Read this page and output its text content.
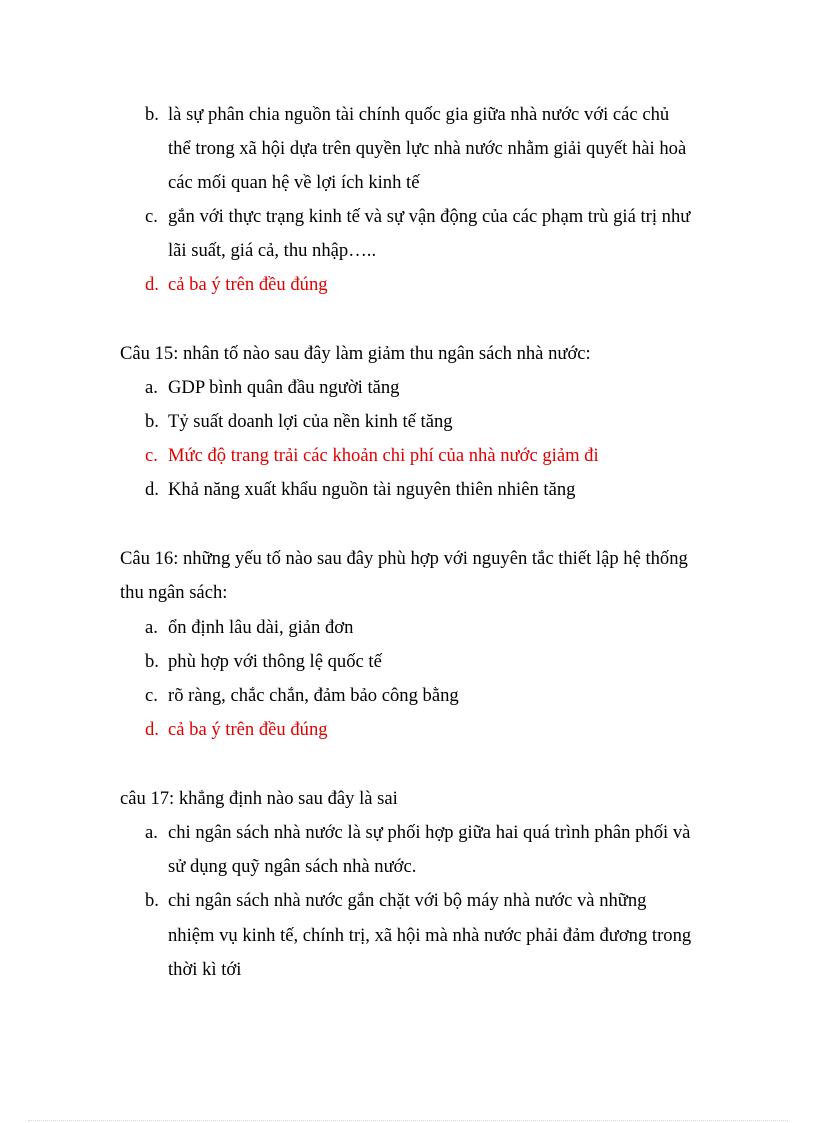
b. là sự phân chia nguồn tài chính quốc gia giữa nhà nước với các chủ
thể trong xã hội dựa trên quyền lực nhà nước nhằm giải quyết hài hoà
các mối quan hệ về lợi ích kinh tế
c. gắn với thực trạng kinh tế và sự vận động của các phạm trù giá trị như
lãi suất, giá cả, thu nhập…..
d. cả ba ý trên đều đúng
Câu 15: nhân tố nào sau đây làm giảm thu ngân sách nhà nước:
a. GDP bình quân đầu người tăng
b. Tỷ suất doanh lợi của nền kinh tế tăng
c. Mức độ trang trải các khoản chi phí của nhà nước giảm đi
d. Khả năng xuất khẩu nguồn tài nguyên thiên nhiên tăng
Câu 16: những yếu tố nào sau đây phù hợp với nguyên tắc thiết lập hệ thống
thu ngân sách:
a. ổn định lâu dài, giản đơn
b. phù hợp với thông lệ quốc tế
c. rõ ràng, chắc chắn, đảm bảo công bằng
d. cả ba ý trên đều đúng
câu 17: khẳng định nào sau đây là sai
a. chi ngân sách nhà nước là sự phối hợp giữa hai quá trình phân phối và
sử dụng quỹ ngân sách nhà nước.
b. chi ngân sách nhà nước gắn chặt với bộ máy nhà nước và những
nhiệm vụ kinh tế, chính trị, xã hội mà nhà nước phải đảm đương trong
thời kì tới
